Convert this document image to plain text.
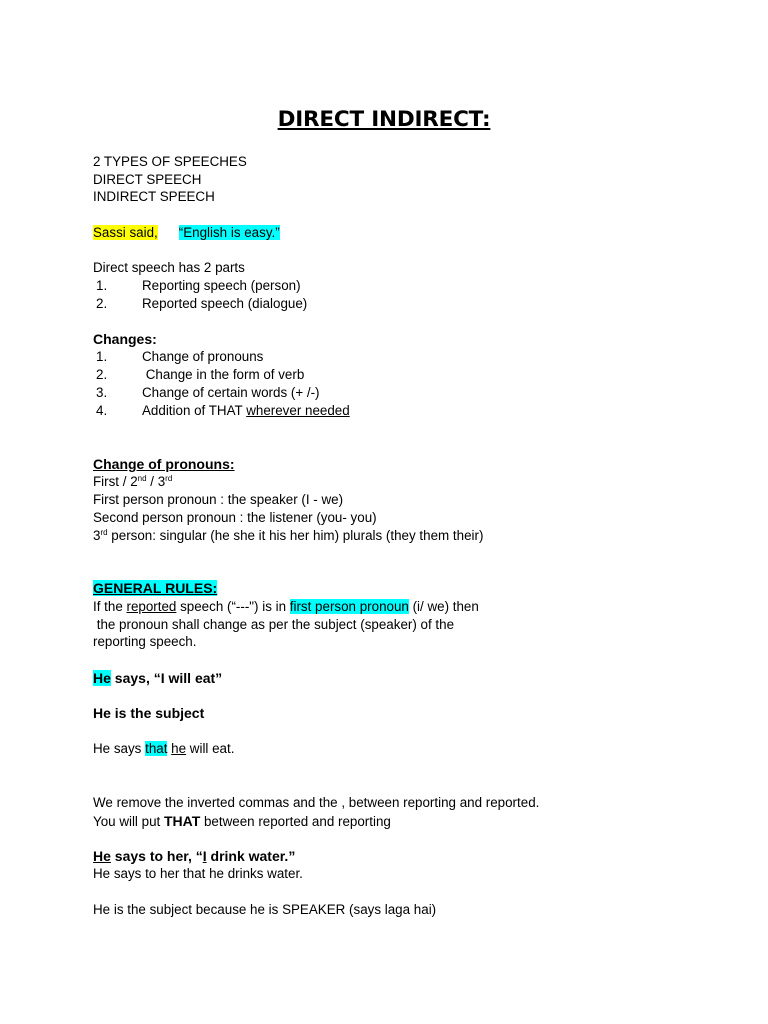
DIRECT INDIRECT:
2 TYPES OF SPEECHES
DIRECT SPEECH
INDIRECT SPEECH
Sassi said, “English is easy.”
Direct speech has 2 parts
1.	Reporting speech (person)
2.	Reported speech (dialogue)
Changes:
1.	Change of pronouns
2.	Change in the form of verb
3.	Change of certain words (+ /-)
4.	Addition of THAT wherever needed
Change of pronouns:
First / 2nd / 3rd
First person pronoun : the speaker (I - we)
Second person pronoun : the listener (you- you)
3rd person: singular (he she it his her him) plurals (they them their)
GENERAL RULES:
If the reported speech (“---") is in first person pronoun (i/ we) then
the pronoun shall change as per the subject (speaker) of the
reporting speech.
He says, “I will eat”
He is the subject
He says that he will eat.
We remove the inverted commas and the , between reporting and reported.
You will put THAT between reported and reporting
He says to her, “I drink water.”
He says to her that he drinks water.
He is the subject because he is SPEAKER (says laga hai)
